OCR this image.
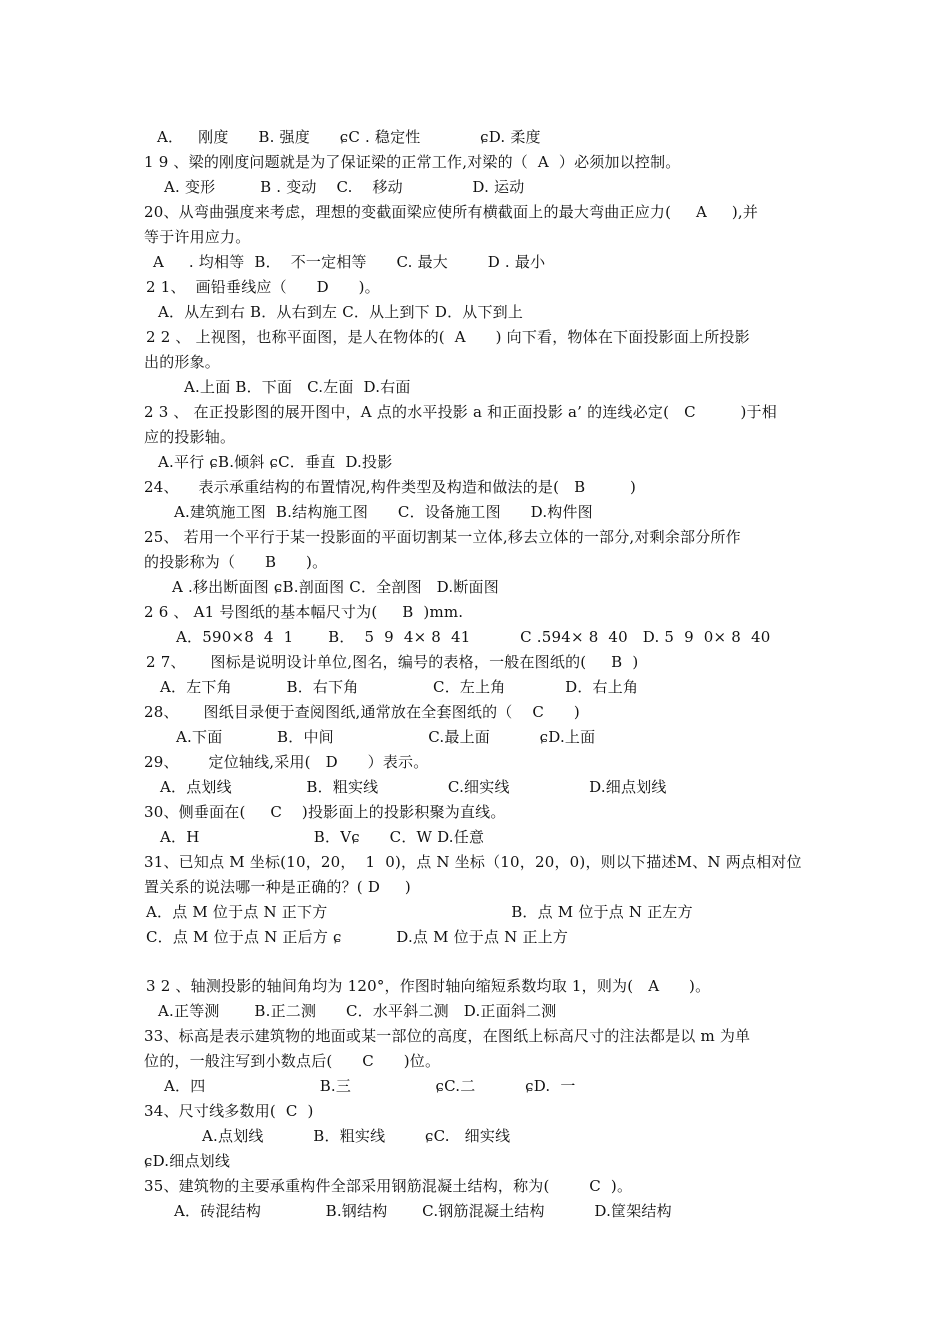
A．   刚度      B. 强度      ɕC . 稳定性            ɕD. 柔度
1 9 、梁的刚度问题就是为了保证梁的正常工作,对梁的（  A  ）必须加以控制。
A. 变形         B . 变动    C.    移动              D. 运动
20、从弯曲强度来考虑，理想的变截面梁应使所有横截面上的最大弯曲正应力(     A     ),并
等于许用应力。
A     . 均相等  B．  不一定相等      C. 最大        D . 最小
2 1、  画铅垂线应（      D      )。
A．从左到右 B．从右到左 C．从上到下 D．从下到上
2 2 、 上视图，也称平面图，是人在物体的(  A      ) 向下看，物体在下面投影面上所投影
出的形象。
A.上面 B．下面   C.左面  D.右面
2 3 、 在正投影图的展开图中，A 点的水平投影 a 和正面投影 a’ 的连线必定(   C         )于相
应的投影轴。
A.平行 ɕB.倾斜 ɕC．垂直  D.投影
24、    表示承重结构的布置情况,构件类型及构造和做法的是(   B         )
A.建筑施工图  B.结构施工图      C．设备施工图      D.构件图
25、 若用一个平行于某一投影面的平面切割某一立体,移去立体的一部分,对剩余部分所作
的投影称为（      B      )。
A .移出断面图 ɕB.剖面图 C．全剖图   D.断面图
2 6 、 A1 号图纸的基本幅尺寸为(     B  )mm.
A．590×8  4  1       B．  5  9  4× 8  41          C .594× 8  40   D. 5  9  0× 8  40
2 7、     图标是说明设计单位,图名，编号的表格，一般在图纸的(     B  )
A．左下角           B．右下角               C．左上角            D．右上角
28、     图纸目录便于查阅图纸,通常放在全套图纸的（    C      )
A.下面           B．中间                   C.最上面          ɕD.上面
29、      定位轴线,采用(   D      ）表示。
A．点划线               B．粗实线              C.细实线                D.细点划线
30、侧垂面在(     C    )投影面上的投影积聚为直线。
A．H                       B．Vɕ      C．W D.任意
31、已知点 M 坐标(10，20，  1  0)，点 N 坐标（10，20，0)，则以下描述M、N 两点相对位
置关系的说法哪一种是正确的？( D     )
A．点 M 位于点 N 正下方                                     B．点 M 位于点 N 正左方
C．点 M 位于点 N 正后方 ɕ           D.点 M 位于点 N 正上方
3 2 、轴测投影的轴间角均为 120°，作图时轴向缩短系数均取 1，则为(   A      )。
A.正等测       B.正二测      C．水平斜二测   D.正面斜二测
33、标高是表示建筑物的地面或某一部位的高度，在图纸上标高尺寸的注法都是以 m 为单
位的，一般注写到小数点后(      C      )位。
A．四                       B.三                 ɕC.二          ɕD.  一
34、尺寸线多数用(  C  )
A.点划线          B．粗实线        ɕC.   细实线
ɕD.细点划线
35、建筑物的主要承重构件全部采用钢筋混凝土结构，称为(        C  )。
A．砖混结构             B.钢结构       C.钢筋混凝土结构          D.筐架结构
